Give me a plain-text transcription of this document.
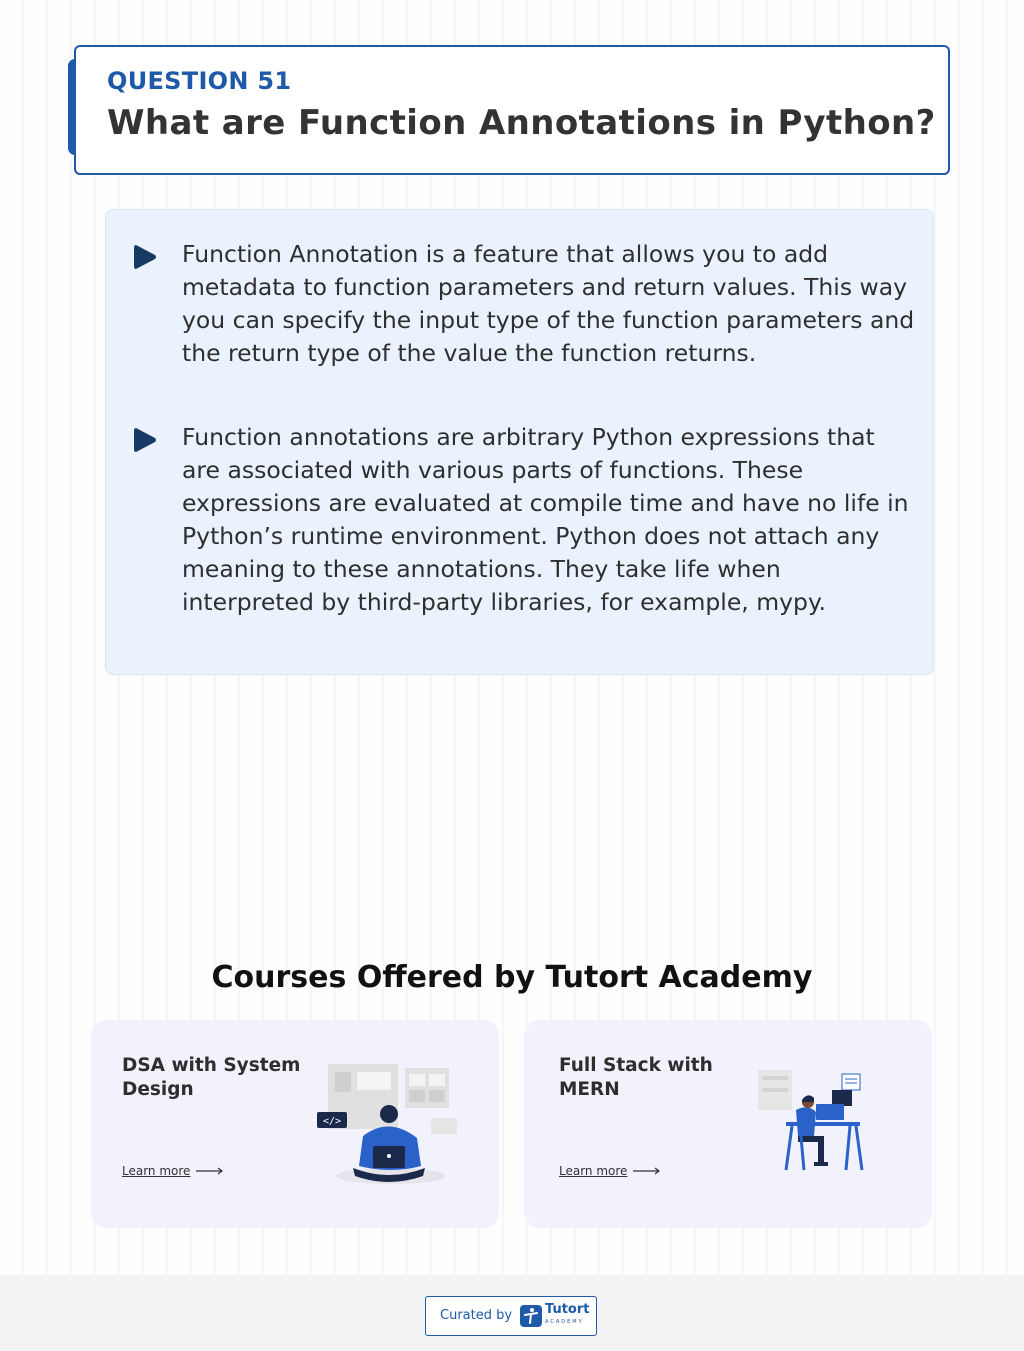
QUESTION 51
What are Function Annotations in Python?

Function Annotation is a feature that allows you to add metadata to function parameters and return values. This way you can specify the input type of the function parameters and the return type of the value the function returns.

Function annotations are arbitrary Python expressions that are associated with various parts of functions. These expressions are evaluated at compile time and have no life in Python’s runtime environment. Python does not attach any meaning to these annotations. They take life when interpreted by third-party libraries, for example, mypy.

Courses Offered by Tutort Academy
DSA with System Design
Learn more
</>
Full Stack with MERN
Learn more
Curated by	Tutort
ACADEMY
